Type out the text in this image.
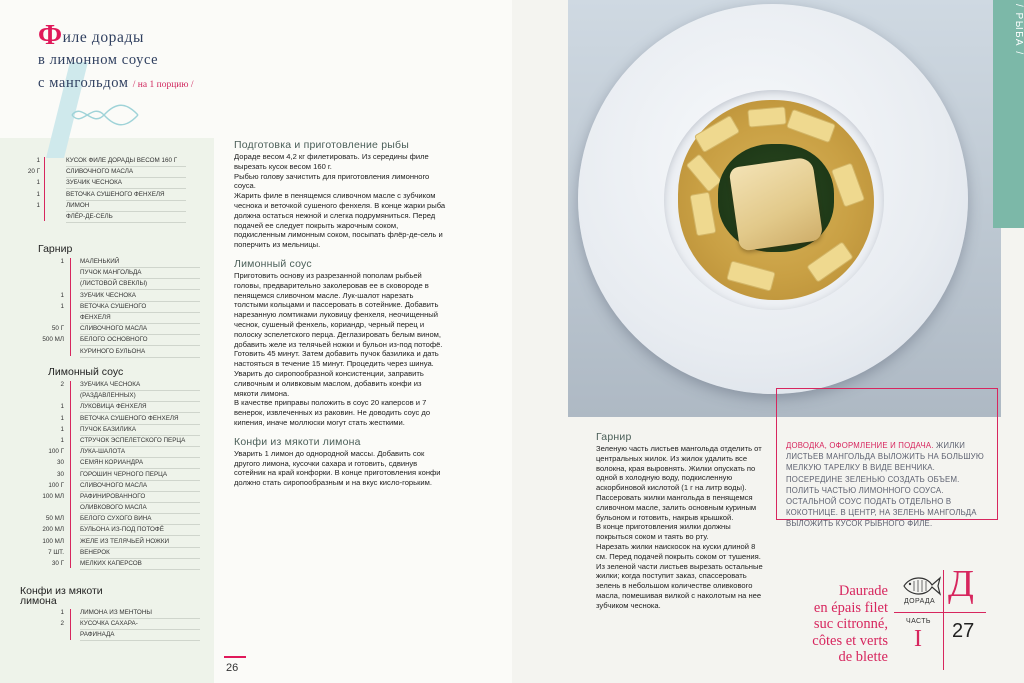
Филе дорады
в лимонном соусе
с мангольдом / на 1 порцию /
1	КУСОК ФИЛЕ ДОРАДЫ ВЕСОМ 160 Г
20 Г	СЛИВОЧНОГО МАСЛА
1	ЗУБЧИК ЧЕСНОКА
1	ВЕТОЧКА СУШЕНОГО ФЕНХЕЛЯ
1	ЛИМОН
ФЛЁР-ДЕ-СЕЛЬ
Гарнир
1	МАЛЕНЬКИЙ
ПУЧОК МАНГОЛЬДА
(ЛИСТОВОЙ СВЕКЛЫ)
1	ЗУБЧИК ЧЕСНОКА
1	ВЕТОЧКА СУШЕНОГО
ФЕНХЕЛЯ
50 Г	СЛИВОЧНОГО МАСЛА
500 МЛ	БЕЛОГО ОСНОВНОГО
КУРИНОГО БУЛЬОНА
Лимонный соус
2	ЗУБЧИКА ЧЕСНОКА
(РАЗДАВЛЕННЫХ)
1	ЛУКОВИЦА ФЕНХЕЛЯ
1	ВЕТОЧКА СУШЕНОГО ФЕНХЕЛЯ
1	ПУЧОК БАЗИЛИКА
1	СТРУЧОК ЭСПЕЛЕТСКОГО ПЕРЦА
100 Г	ЛУКА-ШАЛОТА
30	СЕМЯН КОРИАНДРА
30	ГОРОШИН ЧЕРНОГО ПЕРЦА
100 Г	СЛИВОЧНОГО МАСЛА
100 МЛ	РАФИНИРОВАННОГО
ОЛИВКОВОГО МАСЛА
50 МЛ	БЕЛОГО СУХОГО ВИНА
200 МЛ	БУЛЬОНА ИЗ-ПОД ПОТОФЁ
100 МЛ	ЖЕЛЕ ИЗ ТЕЛЯЧЬЕЙ НОЖКИ
7 ШТ.	ВЕНЕРОК
30 Г	МЕЛКИХ КАПЕРСОВ
Конфи из мякоти
лимона
1	ЛИМОНА ИЗ МЕНТОНЫ
2	КУСОЧКА САХАРА-
РАФИНАДА
Подготовка и приготовление рыбы
Дорадe весом 4,2 кг филетировать. Из середины филе вырезать кусок весом 160 г.
Рыбью голову зачистить для приготовления лимонного соуса.
Жарить филе в пенящемся сливочном масле с зубчиком чеснока и веточкой сушеного фенхеля. В конце жарки рыба должна остаться нежной и слегка подрумяниться. Перед подачей ее следует покрыть жарочным соком, подкисленным лимонным соком, посыпать флёр-де-сель и поперчить из мельницы.
Лимонный соус
Приготовить основу из разрезанной пополам рыбьей головы, предварительно заколеровав ее в сковороде в пенящемся сливочном масле. Лук-шалот нарезать толстыми кольцами и пассеровать в сотейнике. Добавить нарезанную ломтиками луковицу фенхеля, неочищенный чеснок, сушеный фенхель, кориандр, черный перец и полоску эспелетского перца. Деглазировать белым вином, добавить желе из телячьей ножки и бульон из-под потофё. Готовить 45 минут. Затем добавить пучок базилика и дать настояться в течение 15 минут. Процедить через шинуа. Уварить до сиропообразной консистенции, заправить сливочным и оливковым маслом, добавить конфи из мякоти лимона.
В качестве приправы положить в соус 20 каперсов и 7 венерок, извлеченных из раковин. Не доводить соус до кипения, иначе моллюски могут стать жесткими.
Конфи из мякоти лимона
Уварить 1 лимон до однородной массы. Добавить сок другого лимона, кусочки сахара и готовить, сдвинув сотейник на край конфорки. В конце приготовления конфи должно стать сиропообразным и на вкус кисло-горьким.
26
/ РЫБА /
ДОВОДКА, ОФОРМЛЕНИЕ И ПОДАЧА. ЖИЛКИ ЛИСТЬЕВ МАНГОЛЬДА ВЫЛОЖИТЬ НА БОЛЬШУЮ МЕЛКУЮ ТАРЕЛКУ В ВИДЕ ВЕНЧИКА. ПОСЕРЕДИНЕ ЗЕЛЕНЬЮ СОЗДАТЬ ОБЪЕМ. ПОЛИТЬ ЧАСТЬЮ ЛИМОННОГО СОУСА. ОСТАЛЬНОЙ СОУС ПОДАТЬ ОТДЕЛЬНО В КОКОТНИЦЕ. В ЦЕНТР, НА ЗЕЛЕНЬ МАНГОЛЬДА ВЫЛОЖИТЬ КУСОК РЫБНОГО ФИЛЕ.
Гарнир
Зеленую часть листьев мангольда отделить от центральных жилок. Из жилок удалить все волокна, края выровнять. Жилки опускать по одной в холодную воду, подкисленную аскорбиновой кислотой (1 г на литр воды).
Пассеровать жилки мангольда в пенящемся сливочном масле, залить основным куриным бульоном и готовить, накрыв крышкой.
В конце приготовления жилки должны покрыться соком и таять во рту.
Нарезать жилки наискосок на куски длиной 8 см. Перед подачей покрыть соком от тушения.
Из зеленой части листьев вырезать остальные жилки; когда поступит заказ, спассеровать зелень в небольшом количестве оливкового масла, помешивая вилкой с наколотым на нее зубчиком чеснока.
Daurade
en épais filet
suc citronné,
côtes et verts
de blette
ДОРАДА Д
ЧАСТЬ
I 27
